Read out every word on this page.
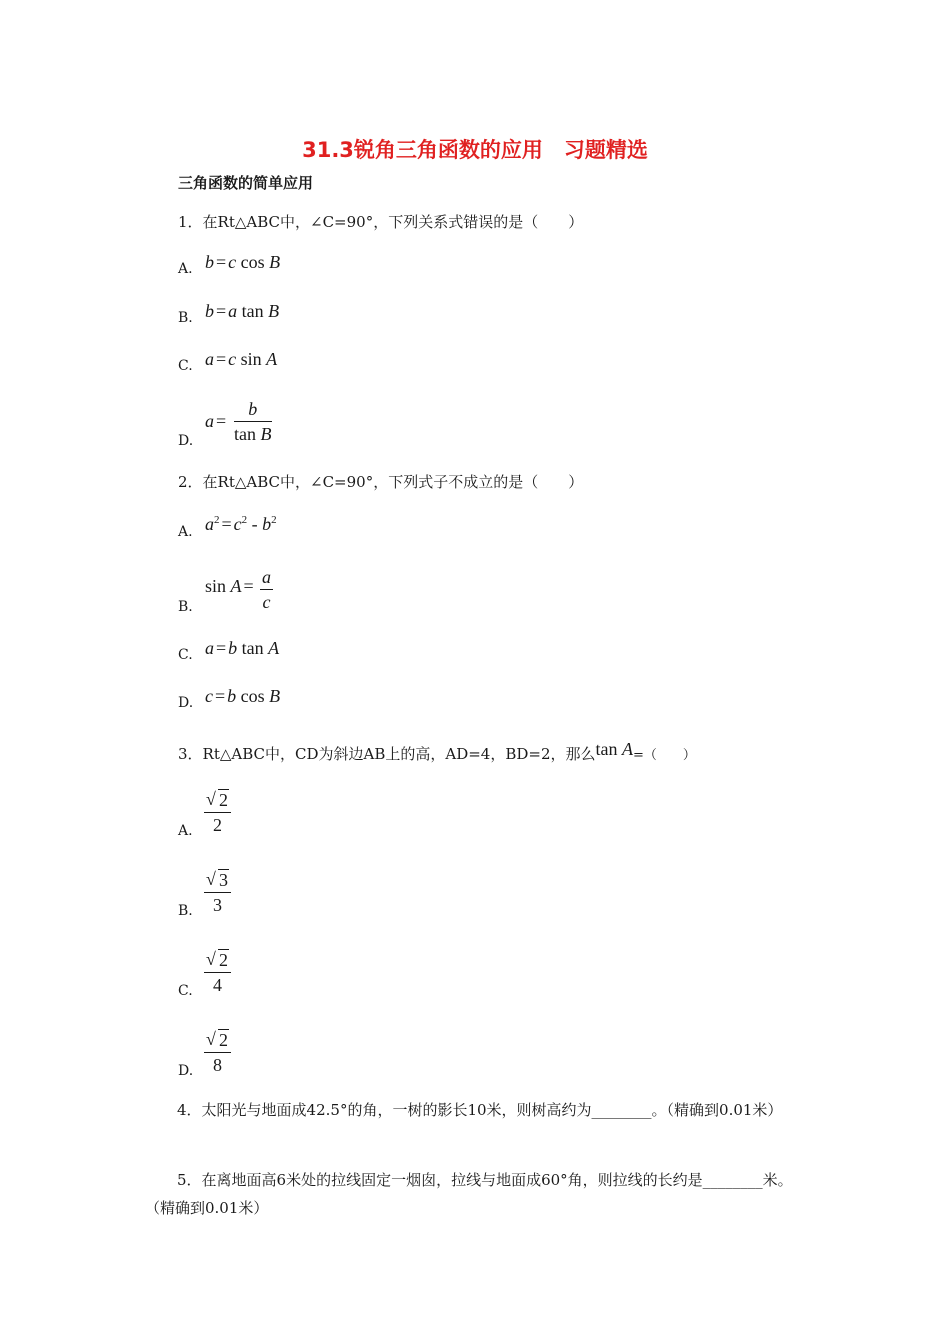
31.3锐角三角函数的应用　习题精选
三角函数的简单应用
1．在Rt△ABC中，∠C=90°，下列关系式错误的是（　　）
A. b = c cos B
B. b = a tan B
C. a = c sin A
D.
$a = \frac{b}{\text{tan B}}$
2．在Rt△ABC中，∠C=90°，下列式子不成立的是（　　）
A. $a^2 = c^2 - b^2$
B.
$\sin A = \frac{a}{c}$
C. a = b tan A
D. c = b cos B
3．Rt△ABC中，CD为斜边AB上的高，AD=4，BD=2，那么tan A=（　　）
A. √ $\frac{2}{2}$
B. √ $\frac{3}{3}$
C. √ $\frac{2}{4}$
D. √ $\frac{2}{8}$
4．太阳光与地面成42.5°的角，一树的影长10米，则树高约为________。（精确到0.01米）
5．在离地面高6米处的拉线固定一烟囱，拉线与地面成60°角，则拉线的长约是________米。（精确到0.01米）
